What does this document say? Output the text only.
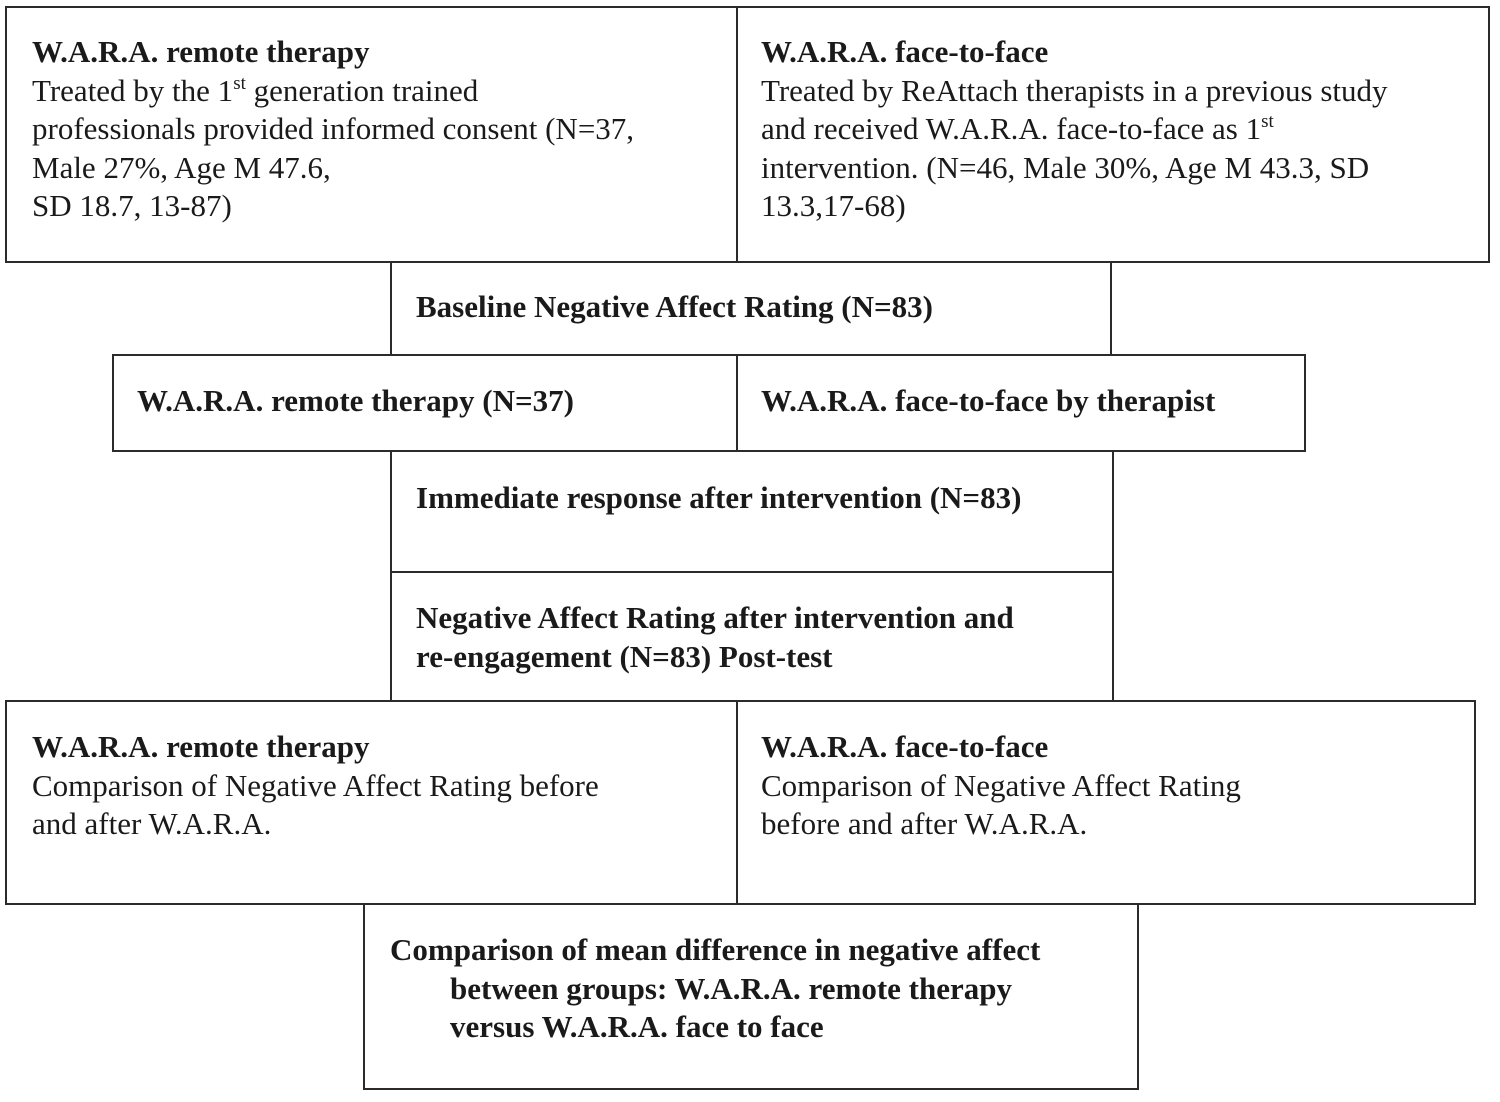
W.A.R.A. remote therapy
Treated by the 1st generation trained
professionals provided informed consent (N=37,
Male 27%, Age M 47.6,
SD 18.7, 13-87)
W.A.R.A. face-to-face
Treated by ReAttach therapists in a previous study
and received W.A.R.A. face-to-face as 1st
intervention. (N=46, Male 30%, Age M 43.3, SD
13.3,17-68)
Baseline Negative Affect Rating (N=83)
W.A.R.A. remote therapy (N=37)	W.A.R.A. face-to-face by therapist
Immediate response after intervention (N=83)
Negative Affect Rating after intervention and
re-engagement (N=83) Post-test
W.A.R.A. remote therapy
Comparison of Negative Affect Rating before
and after W.A.R.A.
W.A.R.A. face-to-face
Comparison of Negative Affect Rating
before and after W.A.R.A.
Comparison of mean difference in negative affect
between groups: W.A.R.A. remote therapy
versus W.A.R.A. face to face
